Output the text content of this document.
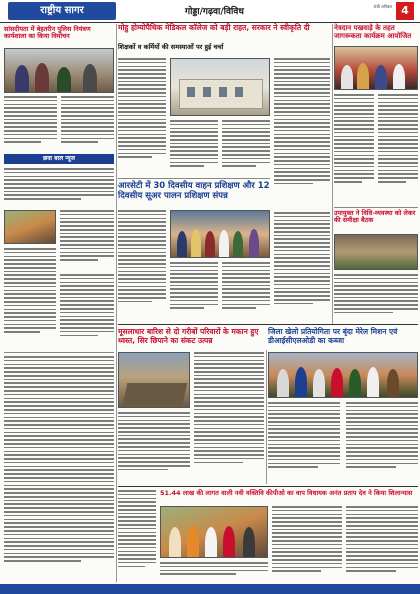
राष्ट्रीय सागर	गोड्डा/गढ़वा/विविध
रांची शनिवार 4
मोहु होम्योपैथिक मेडिकल कॉलेज को बड़ी राहत, सरकार ने स्वीकृति दी
शिक्षकों व कर्मियों की समस्याओं पर हुई चर्चा
नेत्रदान पखवाड़े के तहत जागरूकता कार्यक्रम आयोजित
सांसदीयता में बेहतरीन पुलिस नियंत्रण कार्यशाला का किया विमोचन
छवा बाल न्यूज
उपायुक्त ने विधि-व्यवस्था को लेकर की समीक्षा बैठक
आरसेटी में 30 दिवसीय वाहन प्रशिक्षण और 12 दिवसीय सूअर पालन प्रशिक्षण संपन्न
मूसलाधार बारिश से दो गरीबों परिवारों के मकान हुए ध्वस्त, सिर छिपाने का संकट उत्पन्न
जिला खेलो प्रतियोगिता पर बृंदा मेरेल मिशन एवं डीआईसीएलओडी का कब्जा
51.44 लाख की लागत वाली नवी वक्तिवि कीपीओ का वाप विधायक अनंत प्रताप देव ने किया शिलान्यास
